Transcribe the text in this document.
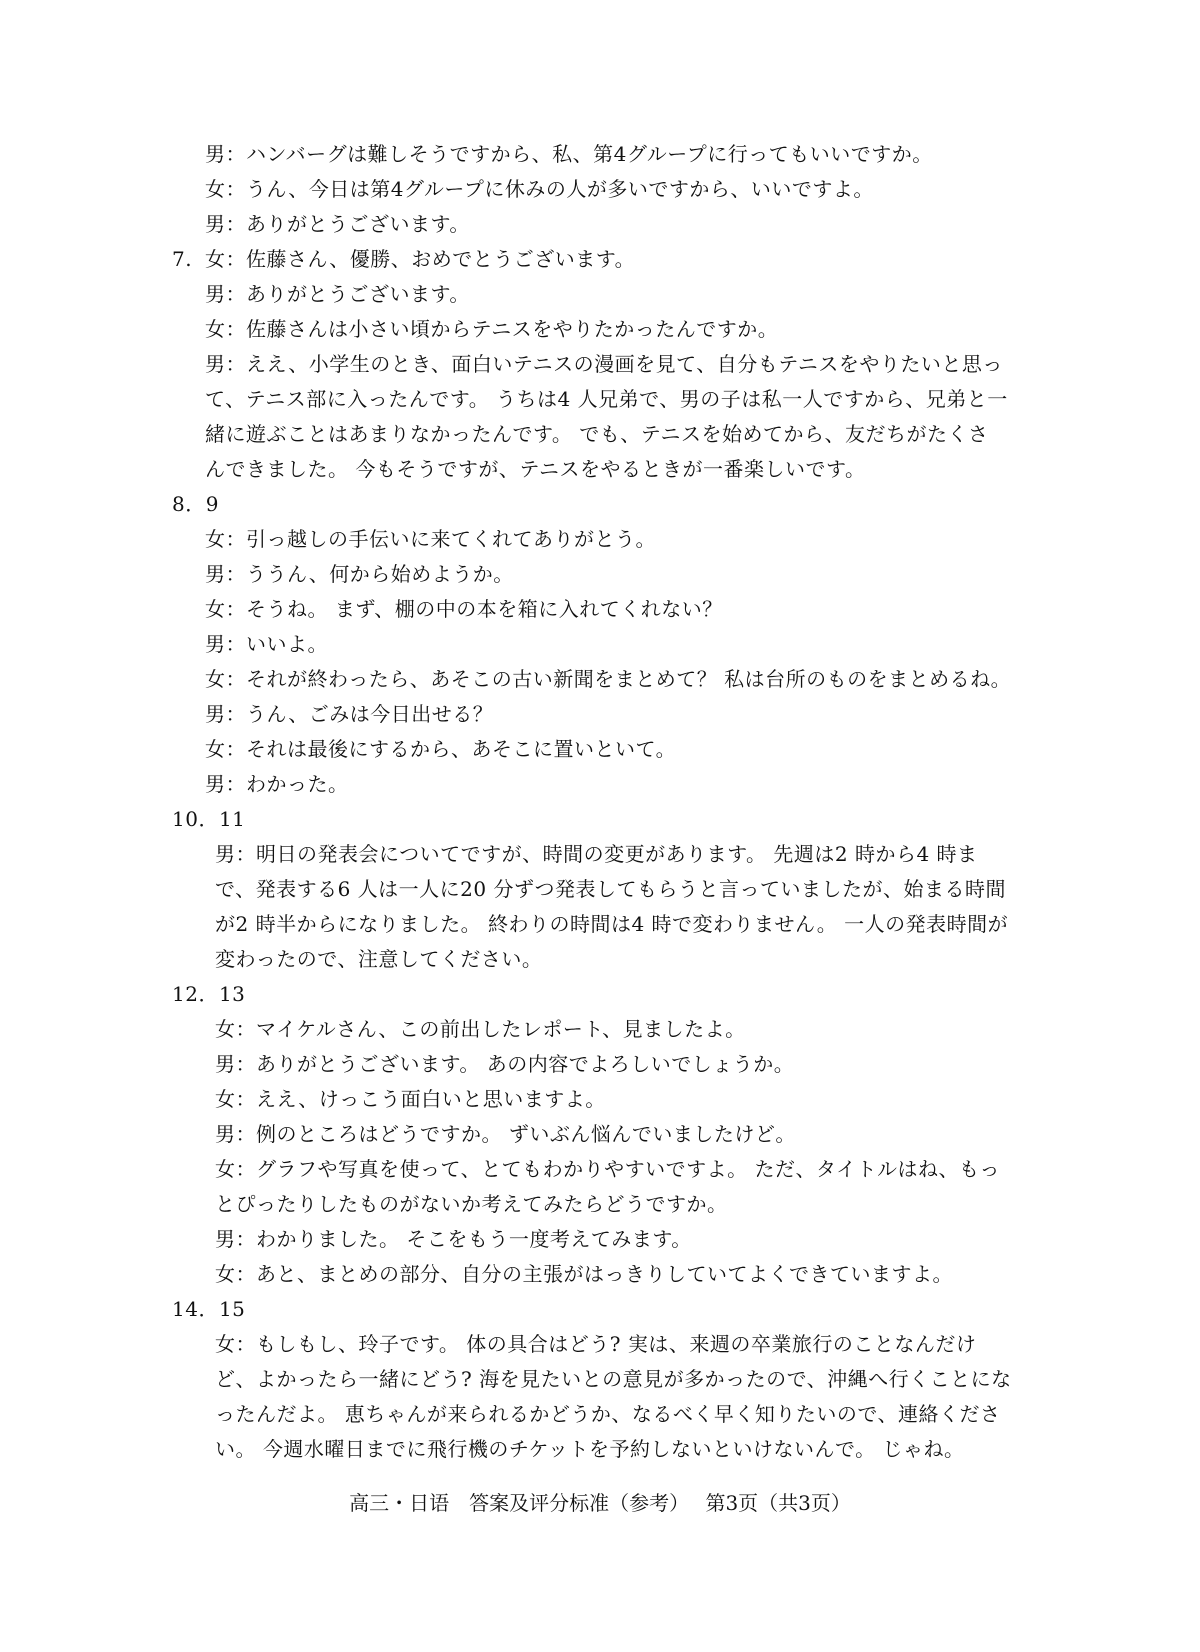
男：ハンバーグは難しそうですから、私、第4グループに行ってもいいですか。
女：うん、今日は第4グループに休みの人が多いですから、いいですよ。
男：ありがとうございます。
7. 女：佐藤さん、優勝、おめでとうございます。
男：ありがとうございます。
女：佐藤さんは小さい頃からテニスをやりたかったんですか。
男：ええ、小学生のとき、面白いテニスの漫画を見て、自分もテニスをやりたいと思っ
て、テニス部に入ったんです。 うちは4 人兄弟で、男の子は私一人ですから、兄弟と一
緒に遊ぶことはあまりなかったんです。 でも、テニスを始めてから、友だちがたくさ
んできました。 今もそうですが、テニスをやるときが一番楽しいです。
8．9
女：引っ越しの手伝いに来てくれてありがとう。
男：ううん、何から始めようか。
女：そうね。 まず、棚の中の本を箱に入れてくれない？
男：いいよ。
女：それが終わったら、あそこの古い新聞をまとめて？ 私は台所のものをまとめるね。
男：うん、ごみは今日出せる？
女：それは最後にするから、あそこに置いといて。
男：わかった。
10．11
男：明日の発表会についてですが、時間の変更があります。 先週は2 時から4 時ま
で、発表する6 人は一人に20 分ずつ発表してもらうと言っていましたが、始まる時間
が2 時半からになりました。 終わりの時間は4 時で変わりません。 一人の発表時間が
変わったので、注意してください。
12．13
女：マイケルさん、この前出したレポート、見ましたよ。
男：ありがとうございます。 あの内容でよろしいでしょうか。
女：ええ、けっこう面白いと思いますよ。
男：例のところはどうですか。 ずいぶん悩んでいましたけど。
女：グラフや写真を使って、とてもわかりやすいですよ。 ただ、タイトルはね、もっ
とぴったりしたものがないか考えてみたらどうですか。
男：わかりました。 そこをもう一度考えてみます。
女：あと、まとめの部分、自分の主張がはっきりしていてよくできていますよ。
14．15
女：もしもし、玲子です。 体の具合はどう? 実は、来週の卒業旅行のことなんだけ
ど、よかったら一緒にどう? 海を見たいとの意見が多かったので、沖縄へ行くことにな
ったんだよ。 恵ちゃんが来られるかどうか、なるべく早く知りたいので、連絡くださ
い。 今週水曜日までに飛行機のチケットを予約しないといけないんで。 じゃね。
高三・日语　答案及评分标准（参考）　 第3页（共3页）
